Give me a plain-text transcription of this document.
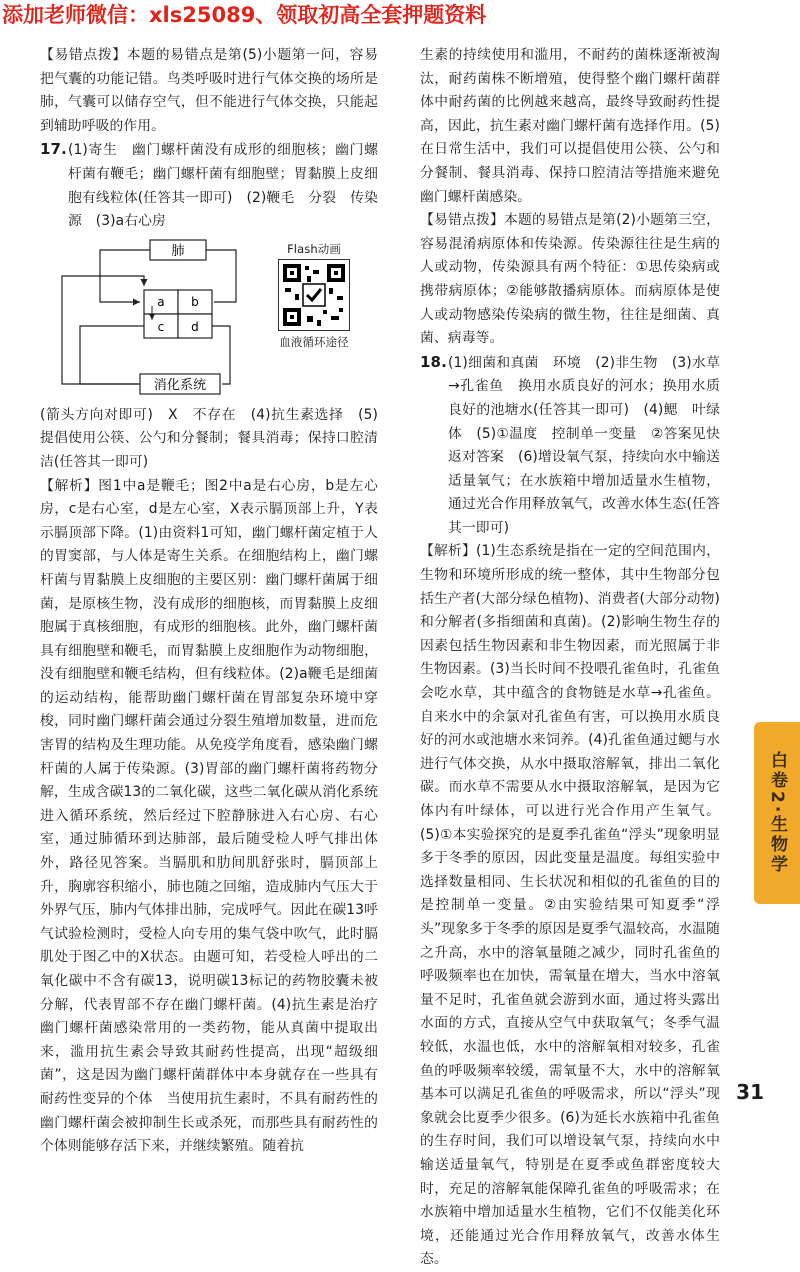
添加老师微信：xls25089、领取初高全套押题资料

【易错点拨】本题的易错点是第(5)小题第一问，容易把气囊的功能记错。鸟类呼吸时进行气体交换的场所是肺，气囊可以储存空气，但不能进行气体交换，只能起到辅助呼吸的作用。

17.(1)寄生　幽门螺杆菌没有成形的细胞核；幽门螺杆菌有鞭毛；幽门螺杆菌有细胞壁；胃黏膜上皮细胞有线粒体(任答其一即可)　(2)鞭毛　分裂　传染源　(3)a右心房

肺
消化系统
a b
c d
Flash动画
血液循环途径

(箭头方向对即可)　X　不存在　(4)抗生素选择　(5)提倡使用公筷、公勺和分餐制；餐具消毒；保持口腔清洁(任答其一即可)

【解析】图1中a是鞭毛；图2中a是右心房，b是左心房，c是右心室，d是左心室，X表示膈顶部上升，Y表示膈顶部下降。(1)由资料1可知，幽门螺杆菌定植于人的胃窦部，与人体是寄生关系。在细胞结构上，幽门螺杆菌与胃黏膜上皮细胞的主要区别：幽门螺杆菌属于细菌，是原核生物，没有成形的细胞核，而胃黏膜上皮细胞属于真核细胞，有成形的细胞核。此外，幽门螺杆菌具有细胞壁和鞭毛，而胃黏膜上皮细胞作为动物细胞，没有细胞壁和鞭毛结构，但有线粒体。(2)a鞭毛是细菌的运动结构，能帮助幽门螺杆菌在胃部复杂环境中穿梭，同时幽门螺杆菌会通过分裂生殖增加数量，进而危害胃的结构及生理功能。从免疫学角度看，感染幽门螺杆菌的人属于传染源。(3)胃部的幽门螺杆菌将药物分解，生成含碳13的二氧化碳，这些二氧化碳从消化系统进入循环系统，然后经过下腔静脉进入右心房、右心室，通过肺循环到达肺部，最后随受检人呼气排出体外，路径见答案。当膈肌和肋间肌舒张时，膈顶部上升，胸廓容积缩小，肺也随之回缩，造成肺内气压大于外界气压，肺内气体排出肺，完成呼气。因此在碳13呼气试验检测时，受检人向专用的集气袋中吹气，此时膈肌处于图乙中的X状态。由题可知，若受检人呼出的二氧化碳中不含有碳13，说明碳13标记的药物胶囊未被分解，代表胃部不存在幽门螺杆菌。(4)抗生素是治疗幽门螺杆菌感染常用的一类药物，能从真菌中提取出来，滥用抗生素会导致其耐药性提高，出现“超级细菌”，这是因为幽门螺杆菌群体中本身就存在一些具有耐药性变异的个体　当使用抗生素时，不具有耐药性的幽门螺杆菌会被抑制生长或杀死，而那些具有耐药性的个体则能够存活下来，并继续繁殖。随着抗

生素的持续使用和滥用，不耐药的菌株逐渐被淘汰，耐药菌株不断增殖，使得整个幽门螺杆菌群体中耐药菌的比例越来越高，最终导致耐药性提高，因此，抗生素对幽门螺杆菌有选择作用。(5)在日常生活中，我们可以提倡使用公筷、公勺和分餐制、餐具消毒、保持口腔清洁等措施来避免幽门螺杆菌感染。

【易错点拨】本题的易错点是第(2)小题第三空，容易混淆病原体和传染源。传染源往往是生病的人或动物，传染源具有两个特征：①思传染病或携带病原体；②能够散播病原体。而病原体是使人或动物感染传染病的微生物，往往是细菌、真菌、病毒等。

18.(1)细菌和真菌　环境　(2)非生物　(3)水草→孔雀鱼　换用水质良好的河水；换用水质良好的池塘水(任答其一即可)　(4)鳃　叶绿体　(5)①温度　控制单一变量　②答案见快返对答案　(6)增设氧气泵，持续向水中输送适量氧气；在水族箱中增加适量水生植物，通过光合作用释放氧气，改善水体生态(任答其一即可)

【解析】(1)生态系统是指在一定的空间范围内，生物和环境所形成的统一整体，其中生物部分包括生产者(大部分绿色植物)、消费者(大部分动物)和分解者(多指细菌和真菌)。(2)影响生物生存的因素包括生物因素和非生物因素，而光照属于非生物因素。(3)当长时间不投喂孔雀鱼时，孔雀鱼会吃水草，其中蕴含的食物链是水草→孔雀鱼。自来水中的余氯对孔雀鱼有害，可以换用水质良好的河水或池塘水来饲养。(4)孔雀鱼通过鳃与水进行气体交换，从水中摄取溶解氧，排出二氧化碳。而水草不需要从水中摄取溶解氧，是因为它体内有叶绿体，可以进行光合作用产生氧气。(5)①本实验探究的是夏季孔雀鱼“浮头”现象明显多于冬季的原因，因此变量是温度。每组实验中选择数量相同、生长状况和相似的孔雀鱼的目的是控制单一变量。②由实验结果可知夏季“浮头”现象多于冬季的原因是夏季气温较高，水温随之升高，水中的溶氧量随之减少，同时孔雀鱼的呼吸频率也在加快，需氧量在增大，当水中溶氧量不足时，孔雀鱼就会游到水面，通过将头露出水面的方式，直接从空气中获取氧气；冬季气温较低，水温也低，水中的溶解氧相对较多，孔雀鱼的呼吸频率较缓，需氧量不大，水中的溶解氧基本可以满足孔雀鱼的呼吸需求，所以“浮头”现象就会比夏季少很多。(6)为延长水族箱中孔雀鱼的生存时间，我们可以增设氧气泵，持续向水中输送适量氧气，特别是在夏季或鱼群密度较大时，充足的溶解氧能保障孔雀鱼的呼吸需求；在水族箱中增加适量水生植物，它们不仅能美化环境，还能通过光合作用释放氧气，改善水体生态。

白卷2·生物学
31
